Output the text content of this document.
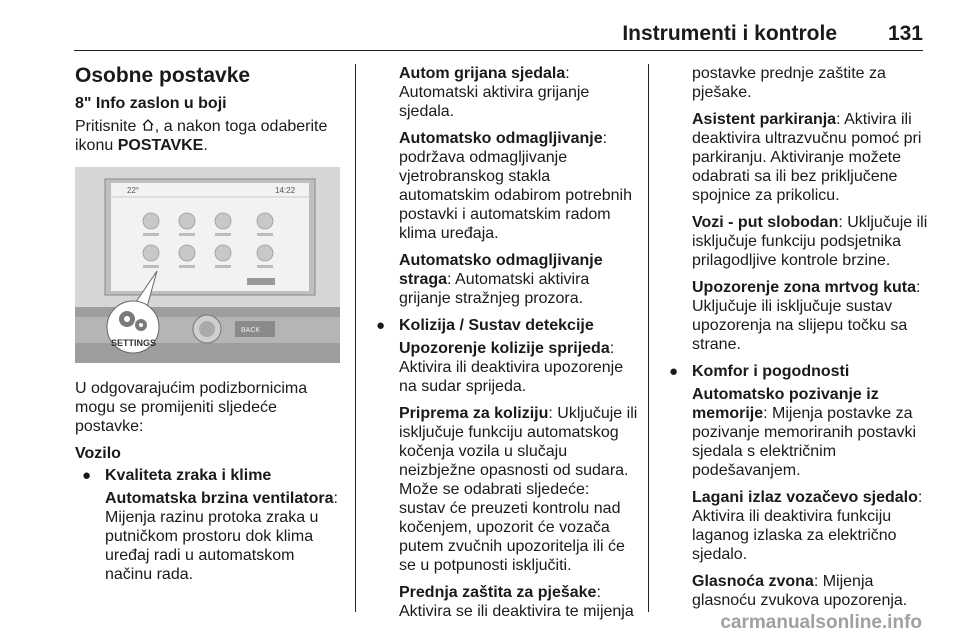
Instrumenti i kontrole 131
Osobne postavke
8" Info zaslon u boji

Pritisnite , a nakon toga odaberite ikonu POSTAVKE.

22°	14:22
BACK
SETTINGS

U odgovarajućim podizbornicima mogu se promijeniti sljedeće postavke:

Vozilo

● Kvaliteta zraka i klime

Automatska brzina ventilatora: Mijenja razinu protoka zraka u putničkom prostoru dok klima uređaj radi u automatskom načinu rada.

Autom grijana sjedala: Automatski aktivira grijanje sjedala.

Automatsko odmagljivanje: podržava odmagljivanje vjetrobranskog stakla automatskim odabirom potrebnih postavki i automatskim radom klima uređaja.

Automatsko odmagljivanje straga: Automatski aktivira grijanje stražnjeg prozora.

● Kolizija / Sustav detekcije

Upozorenje kolizije sprijeda: Aktivira ili deaktivira upozorenje na sudar sprijeda.

Priprema za koliziju: Uključuje ili isključuje funkciju automatskog kočenja vozila u slučaju neizbježne opasnosti od sudara. Može se odabrati sljedeće: sustav će preuzeti kontrolu nad kočenjem, upozorit će vozača putem zvučnih upozoritelja ili će se u potpunosti isključiti.

Prednja zaštita za pješake: Aktivira se ili deaktivira te mijenja

postavke prednje zaštite za pješake.

Asistent parkiranja: Aktivira ili deaktivira ultrazvučnu pomoć pri parkiranju. Aktiviranje možete odabrati sa ili bez priključene spojnice za prikolicu.

Vozi - put slobodan: Uključuje ili isključuje funkciju podsjetnika prilagodljive kontrole brzine.

Upozorenje zona mrtvog kuta: Uključuje ili isključuje sustav upozorenja na slijepu točku sa strane.

● Komfor i pogodnosti

Automatsko pozivanje iz memorije: Mijenja postavke za pozivanje memoriranih postavki sjedala s električnim podešavanjem.

Lagani izlaz vozačevo sjedalo: Aktivira ili deaktivira funkciju laganog izlaska za električno sjedalo.

Glasnoća zvona: Mijenja glasnoću zvukova upozorenja.

carmanualsonline.info
